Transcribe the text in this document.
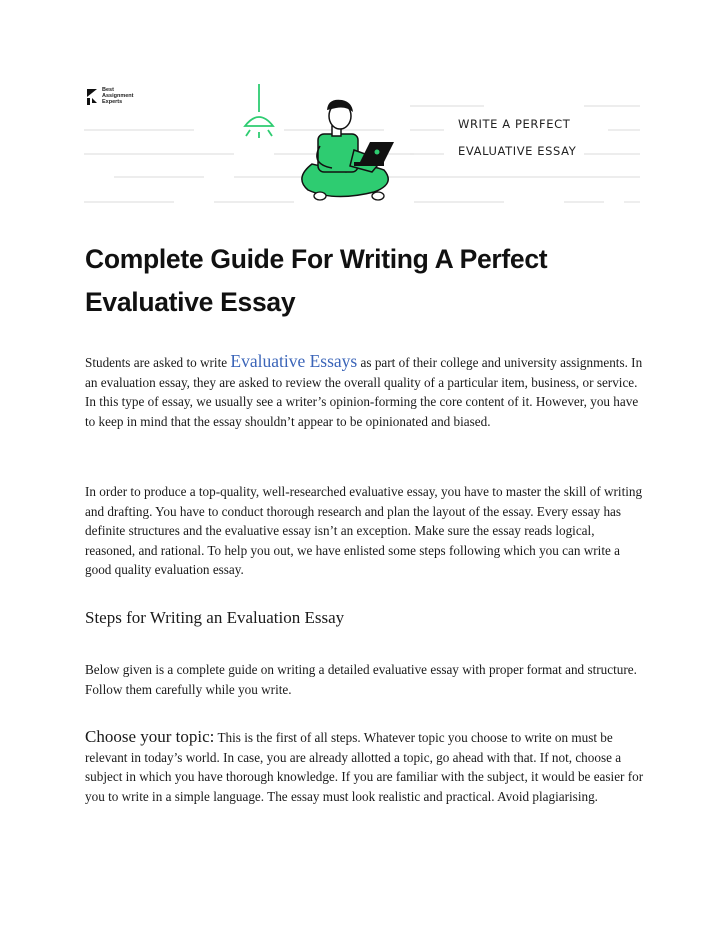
Best
Assignment
Experts
WRITE A PERFECT
EVALUATIVE ESSAY
Complete Guide For Writing A Perfect
Evaluative Essay

Students are asked to write Evaluative Essays as part of their college and university assignments. In an evaluation essay, they are asked to review the overall quality of a particular item, business, or service. In this type of essay, we usually see a writer’s opinion-forming the core content of it. However, you have to keep in mind that the essay shouldn’t appear to be opinionated and biased.

In order to produce a top-quality, well-researched evaluative essay, you have to master the skill of writing and drafting. You have to conduct thorough research and plan the layout of the essay. Every essay has definite structures and the evaluative essay isn’t an exception. Make sure the essay reads logical, reasoned, and rational. To help you out, we have enlisted some steps following which you can write a good quality evaluation essay.

Steps for Writing an Evaluation Essay

Below given is a complete guide on writing a detailed evaluative essay with proper format and structure. Follow them carefully while you write.

Choose your topic: This is the first of all steps. Whatever topic you choose to write on must be relevant in today’s world. In case, you are already allotted a topic, go ahead with that. If not, choose a subject in which you have thorough knowledge. If you are familiar with the subject, it would be easier for you to write in a simple language. The essay must look realistic and practical. Avoid plagiarising.
